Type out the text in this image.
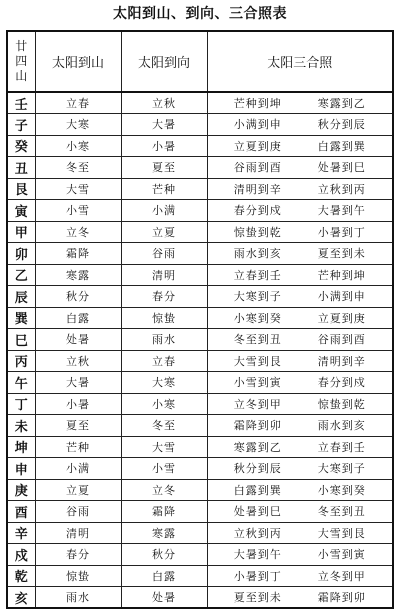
太阳到山、到向、三合照表
廿四山	太阳到山	太阳到向	太阳三合照
壬	立春	立秋	芒种到坤 寒露到乙
子	大寒	大暑	小满到申 秋分到辰
癸	小寒	小暑	立夏到庚 白露到巽
丑	冬至	夏至	谷雨到酉 处暑到巳
艮	大雪	芒种	清明到辛 立秋到丙
寅	小雪	小满	春分到戍 大暑到午
甲	立冬	立夏	惊蛰到乾 小暑到丁
卯	霜降	谷雨	雨水到亥 夏至到未
乙	寒露	清明	立春到壬 芒种到坤
辰	秋分	春分	大寒到子 小满到申
巽	白露	惊蛰	小寒到癸 立夏到庚
巳	处暑	雨水	冬至到丑 谷雨到酉
丙	立秋	立春	大雪到艮 清明到辛
午	大暑	大寒	小雪到寅 春分到戍
丁	小暑	小寒	立冬到甲 惊蛰到乾
未	夏至	冬至	霜降到卯 雨水到亥
坤	芒种	大雪	寒露到乙 立春到壬
申	小满	小雪	秋分到辰 大寒到子
庚	立夏	立冬	白露到巽 小寒到癸
酉	谷雨	霜降	处暑到巳 冬至到丑
辛	清明	寒露	立秋到丙 大雪到艮
戍	春分	秋分	大暑到午 小雪到寅
乾	惊蛰	白露	小暑到丁 立冬到甲
亥	雨水	处暑	夏至到未 霜降到卯
